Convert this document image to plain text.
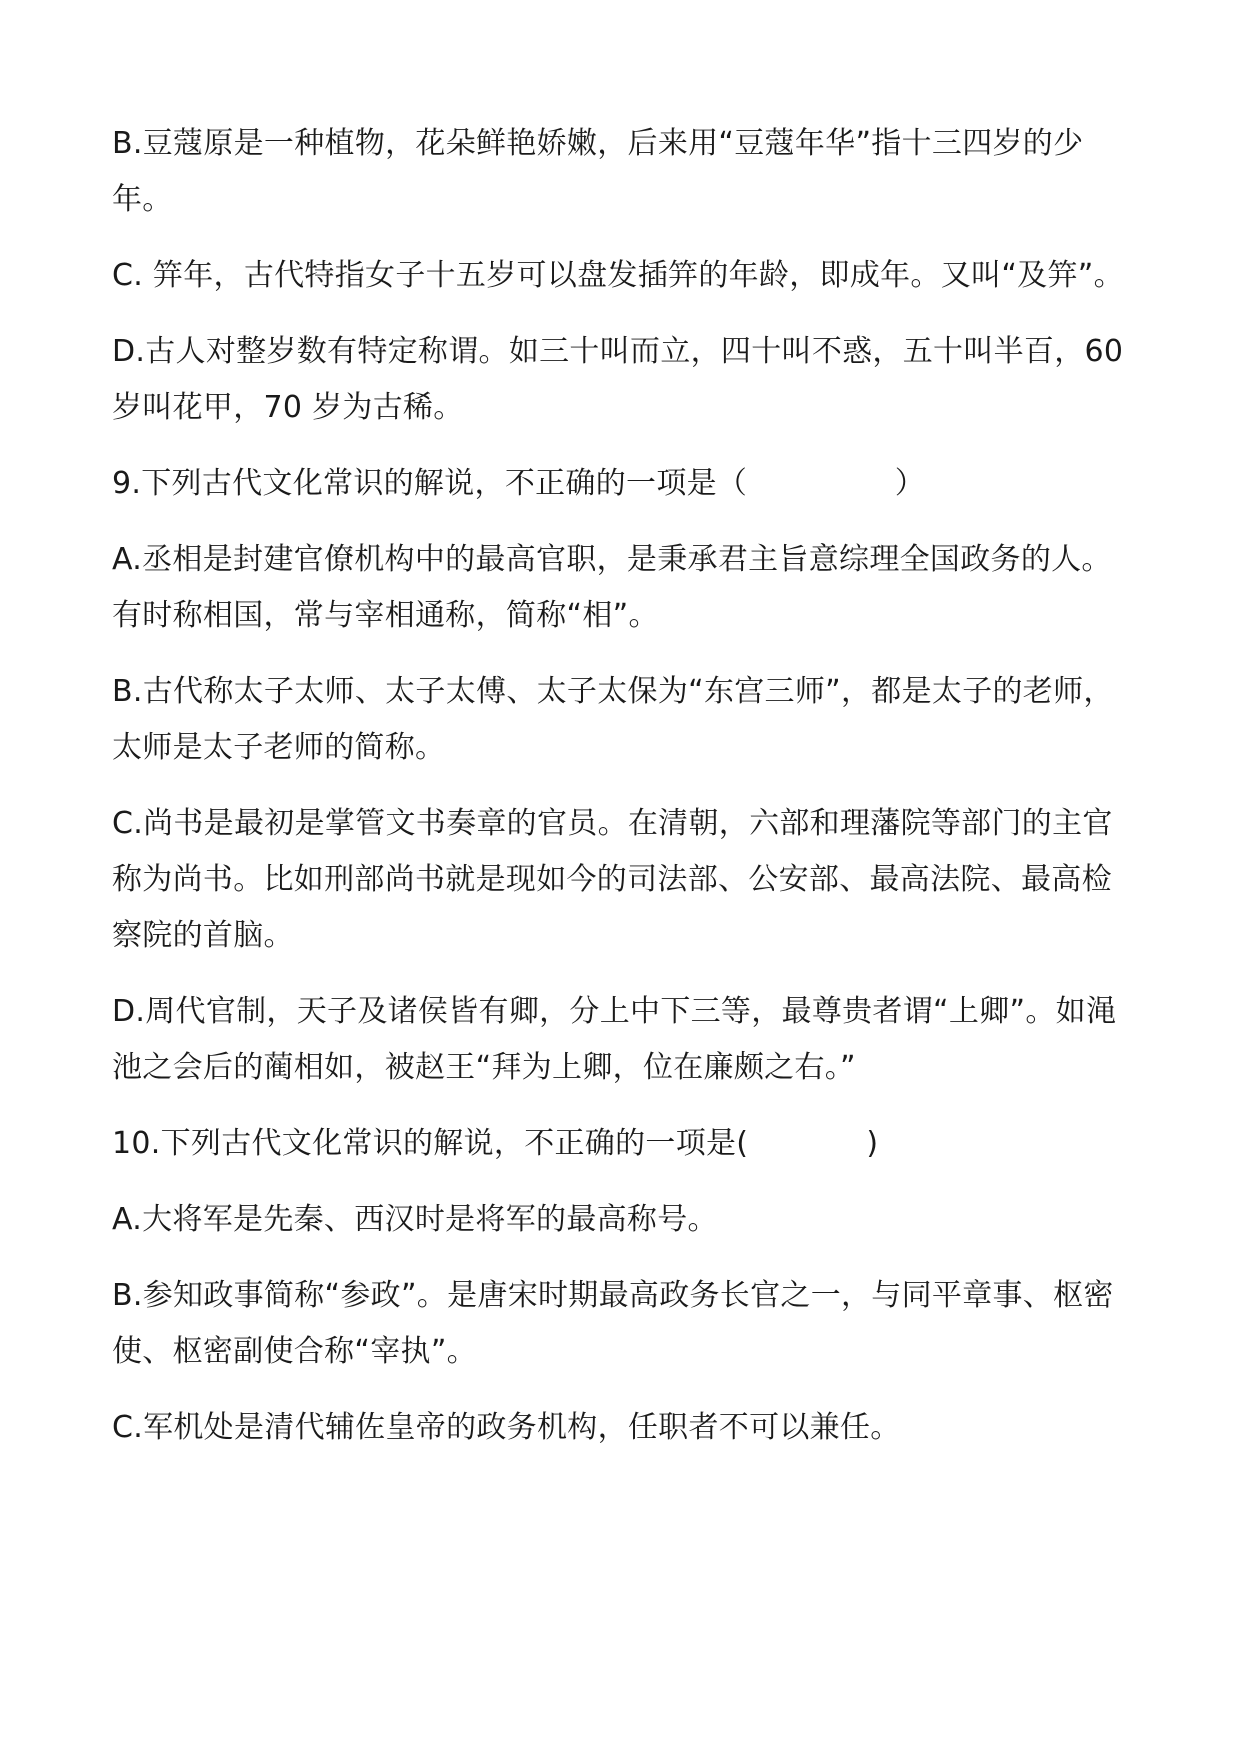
B.豆蔻原是一种植物，花朵鲜艳娇嫩，后来用“豆蔻年华”指十三四岁的少年。

C. 笄年，古代特指女子十五岁可以盘发插笄的年龄，即成年。又叫“及笄”。

D.古人对整岁数有特定称谓。如三十叫而立，四十叫不惑，五十叫半百，60 岁叫花甲，70 岁为古稀。

9.下列古代文化常识的解说，不正确的一项是（               ）

A.丞相是封建官僚机构中的最高官职，是秉承君主旨意综理全国政务的人。有时称相国，常与宰相通称，简称“相”。

B.古代称太子太师、太子太傅、太子太保为“东宫三师”，都是太子的老师，太师是太子老师的简称。

C.尚书是最初是掌管文书奏章的官员。在清朝，六部和理藩院等部门的主官称为尚书。比如刑部尚书就是现如今的司法部、公安部、最高法院、最高检察院的首脑。

D.周代官制，天子及诸侯皆有卿，分上中下三等，最尊贵者谓“上卿”。如渑池之会后的蔺相如，被赵王“拜为上卿，位在廉颇之右。”

10.下列古代文化常识的解说，不正确的一项是(            )

A.大将军是先秦、西汉时是将军的最高称号。

B.参知政事简称“参政”。是唐宋时期最高政务长官之一，与同平章事、枢密使、枢密副使合称“宰执”。

C.军机处是清代辅佐皇帝的政务机构，任职者不可以兼任。
